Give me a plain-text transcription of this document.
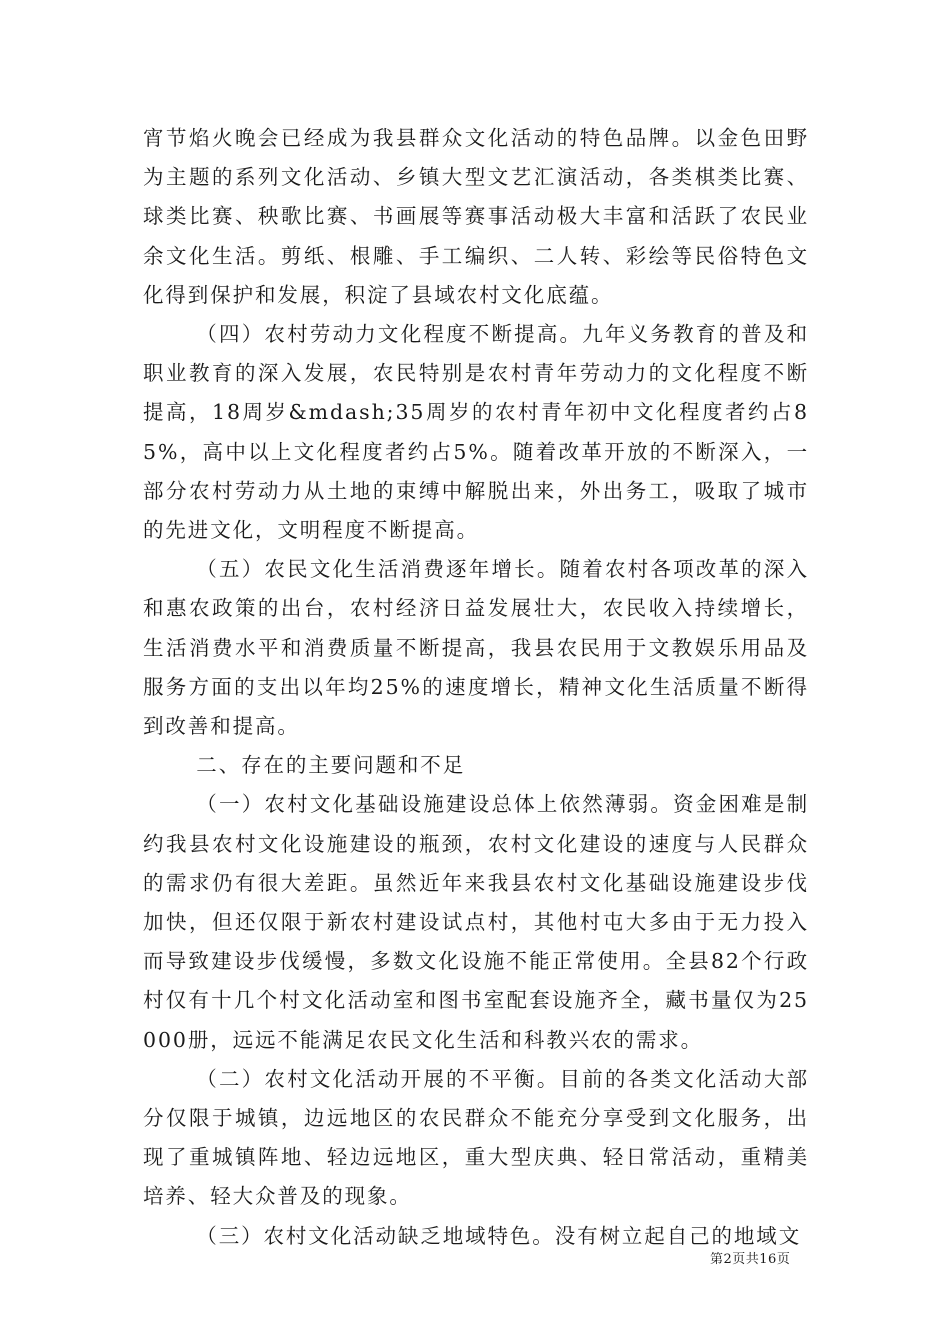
宵节焰火晚会已经成为我县群众文化活动的特色品牌。以金色田野为主题的系列文化活动、乡镇大型文艺汇演活动，各类棋类比赛、球类比赛、秧歌比赛、书画展等赛事活动极大丰富和活跃了农民业余文化生活。剪纸、根雕、手工编织、二人转、彩绘等民俗特色文化得到保护和发展，积淀了县域农村文化底蕴。

（四）农村劳动力文化程度不断提高。九年义务教育的普及和职业教育的深入发展，农民特别是农村青年劳动力的文化程度不断提高，18周岁&mdash;35周岁的农村青年初中文化程度者约占85%，高中以上文化程度者约占5%。随着改革开放的不断深入，一部分农村劳动力从土地的束缚中解脱出来，外出务工，吸取了城市的先进文化，文明程度不断提高。

（五）农民文化生活消费逐年增长。随着农村各项改革的深入和惠农政策的出台，农村经济日益发展壮大，农民收入持续增长，生活消费水平和消费质量不断提高，我县农民用于文教娱乐用品及服务方面的支出以年均25%的速度增长，精神文化生活质量不断得到改善和提高。

二、存在的主要问题和不足

（一）农村文化基础设施建设总体上依然薄弱。资金困难是制约我县农村文化设施建设的瓶颈，农村文化建设的速度与人民群众的需求仍有很大差距。虽然近年来我县农村文化基础设施建设步伐加快，但还仅限于新农村建设试点村，其他村屯大多由于无力投入而导致建设步伐缓慢，多数文化设施不能正常使用。全县82个行政村仅有十几个村文化活动室和图书室配套设施齐全，藏书量仅为25000册，远远不能满足农民文化生活和科教兴农的需求。

（二）农村文化活动开展的不平衡。目前的各类文化活动大部分仅限于城镇，边远地区的农民群众不能充分享受到文化服务，出现了重城镇阵地、轻边远地区，重大型庆典、轻日常活动，重精美培养、轻大众普及的现象。

（三）农村文化活动缺乏地域特色。没有树立起自己的地域文

第2页共16页
